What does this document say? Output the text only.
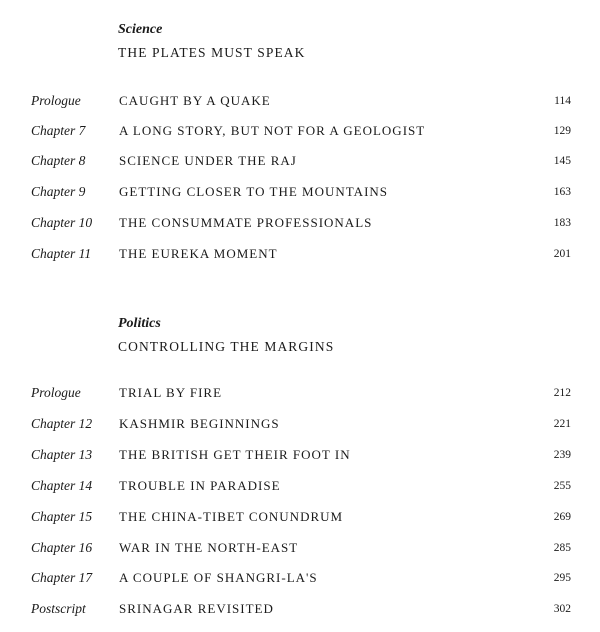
Science
THE PLATES MUST SPEAK
Prologue	CAUGHT BY A QUAKE	114
Chapter 7	A LONG STORY, BUT NOT FOR A GEOLOGIST	129
Chapter 8	SCIENCE UNDER THE RAJ	145
Chapter 9	GETTING CLOSER TO THE MOUNTAINS	163
Chapter 10 THE CONSUMMATE PROFESSIONALS	183
Chapter 11 THE EUREKA MOMENT	201
Politics
CONTROLLING THE MARGINS
Prologue	TRIAL BY FIRE	212
Chapter 12 KASHMIR BEGINNINGS	221
Chapter 13 THE BRITISH GET THEIR FOOT IN	239
Chapter 14 TROUBLE IN PARADISE	255
Chapter 15 THE CHINA-TIBET CONUNDRUM	269
Chapter 16 WAR IN THE NORTH-EAST	285
Chapter 17 A COUPLE OF SHANGRI-LA'S	295
Postscript	SRINAGAR REVISITED	302
